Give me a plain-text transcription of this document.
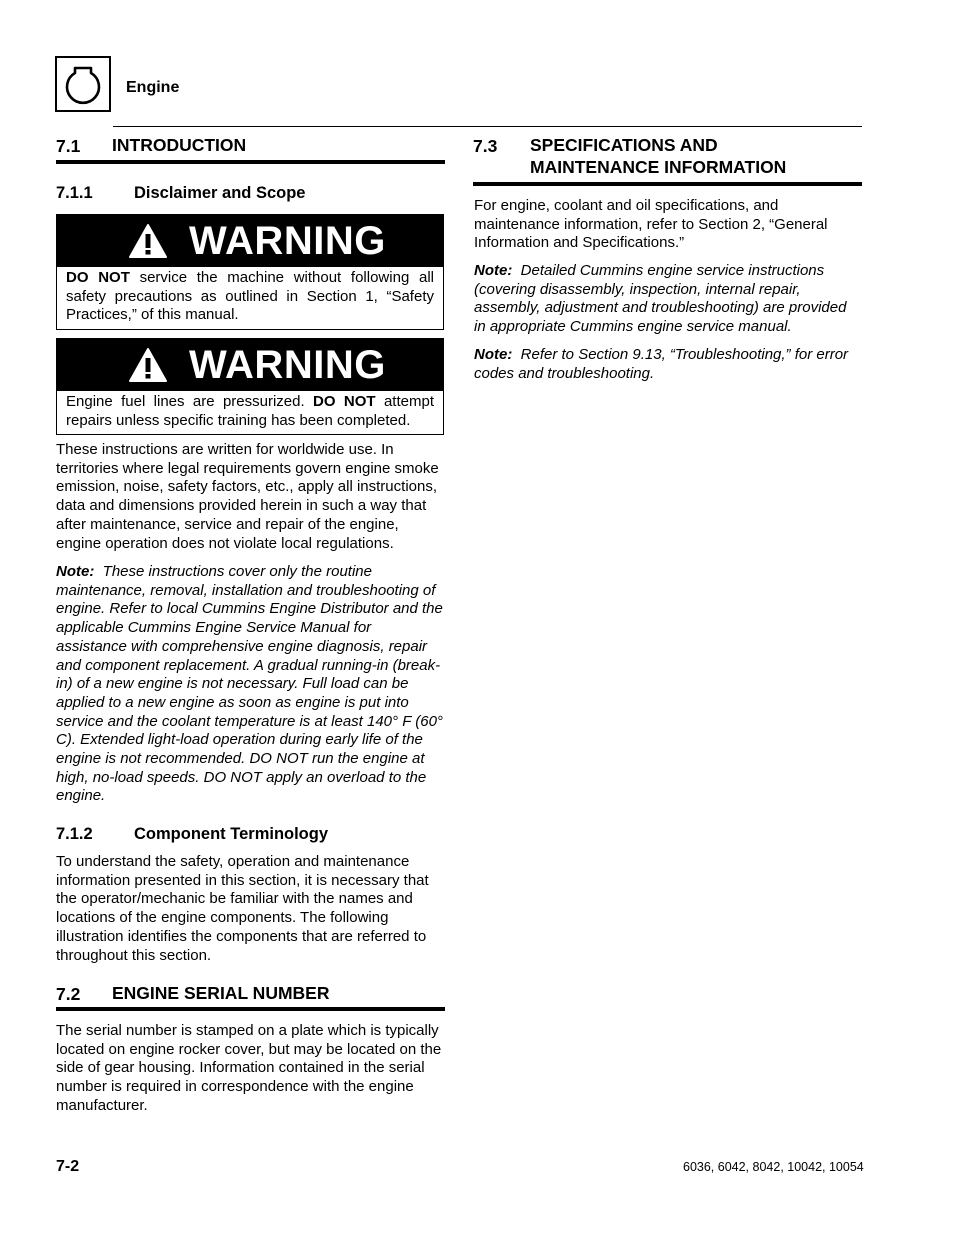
Engine
7.1 INTRODUCTION
7.1.1	Disclaimer and Scope
WARNING
DO NOT service the machine without following all safety precautions as outlined in Section 1, “Safety Practices,” of this manual.
WARNING
Engine fuel lines are pressurized. DO NOT attempt repairs unless specific training has been completed.
These instructions are written for worldwide use. In territories where legal requirements govern engine smoke emission, noise, safety factors, etc., apply all instructions, data and dimensions provided herein in such a way that after maintenance, service and repair of the engine, engine operation does not violate local regulations.
Note: These instructions cover only the routine maintenance, removal, installation and troubleshooting of engine. Refer to local Cummins Engine Distributor and the applicable Cummins Engine Service Manual for assistance with comprehensive engine diagnosis, repair and component replacement. A gradual running-in (break-in) of a new engine is not necessary. Full load can be applied to a new engine as soon as engine is put into service and the coolant temperature is at least 140° F (60° C). Extended light-load operation during early life of the engine is not recommended. DO NOT run the engine at high, no-load speeds. DO NOT apply an overload to the engine.
7.1.2	Component Terminology
To understand the safety, operation and maintenance information presented in this section, it is necessary that the operator/mechanic be familiar with the names and locations of the engine components. The following illustration identifies the components that are referred to throughout this section.
7.2 ENGINE SERIAL NUMBER
The serial number is stamped on a plate which is typically located on engine rocker cover, but may be located on the side of gear housing. Information contained in the serial number is required in correspondence with the engine manufacturer.
7.3 SPECIFICATIONS AND
MAINTENANCE INFORMATION
For engine, coolant and oil specifications, and maintenance information, refer to Section 2, “General Information and Specifications.”
Note: Detailed Cummins engine service instructions (covering disassembly, inspection, internal repair, assembly, adjustment and troubleshooting) are provided in appropriate Cummins engine service manual.
Note: Refer to Section 9.13, “Troubleshooting,” for error codes and troubleshooting.
7-2	6036, 6042, 8042, 10042, 10054
